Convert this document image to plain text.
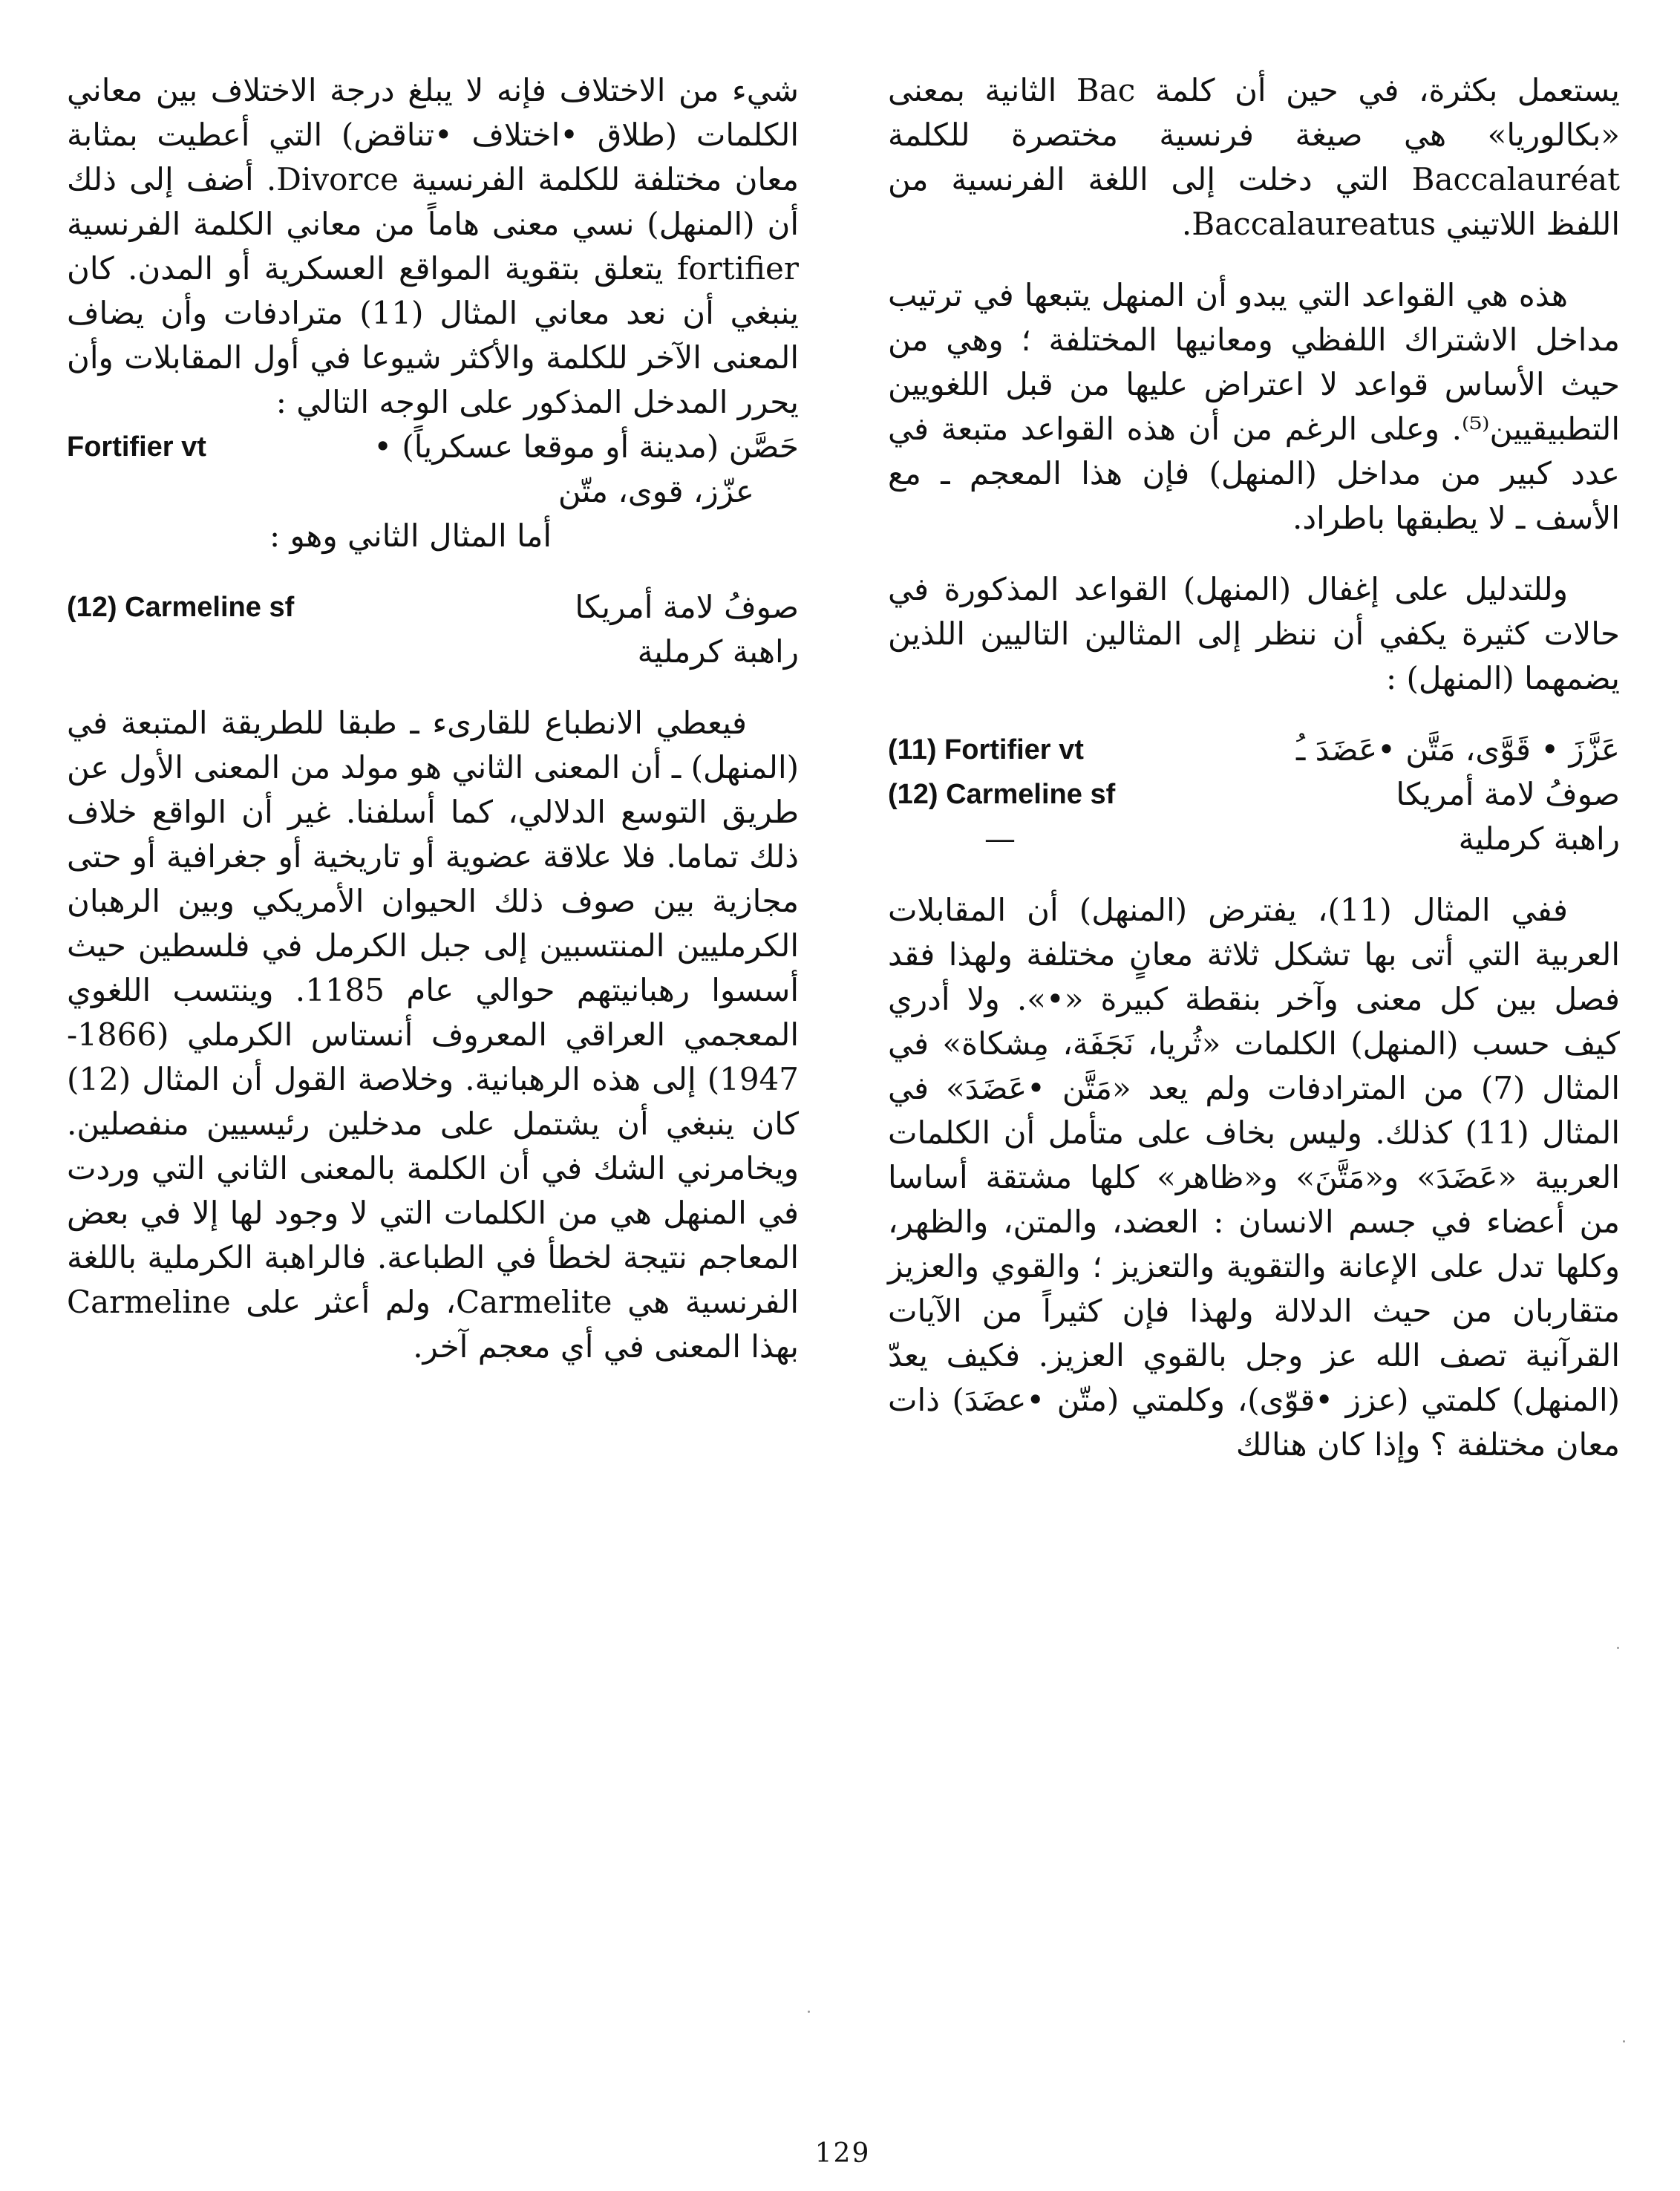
يستعمل بكثرة، في حين أن كلمة Bac الثانية بمعنى «بكالوريا» هي صيغة فرنسية مختصرة للكلمة Baccalauréat التي دخلت إلى اللغة الفرنسية من اللفظ اللاتيني Baccalaureatus.

هذه هي القواعد التي يبدو أن المنهل يتبعها في ترتيب مداخل الاشتراك اللفظي ومعانيها المختلفة ؛ وهي من حيث الأساس قواعد لا اعتراض عليها من قبل اللغويين التطبيقيين⁽⁵⁾. وعلى الرغم من أن هذه القواعد متبعة في عدد كبير من مداخل (المنهل) فإن هذا المعجم ـ مع الأسف ـ لا يطبقها باطراد.

وللتدليل على إغفال (المنهل) القواعد المذكورة في حالات كثيرة يكفي أن ننظر إلى المثالين التاليين اللذين يضمهما (المنهل) :

عَزَّزَ • قَوَّى، مَتَّن •عَضَدَ ـُ
(11) Fortifier vt
صوفُ لامة أمريكا
(12) Carmeline sf
راهبة كرملية
—

ففي المثال (11)، يفترض (المنهل) أن المقابلات العربية التي أتى بها تشكل ثلاثة معانٍ مختلفة ولهذا فقد فصل بين كل معنى وآخر بنقطة كبيرة «•». ولا أدري كيف حسب (المنهل) الكلمات «ثُريا، نَجَفَة، مِشكاة» في المثال (7) من المترادفات ولم يعد «مَتَّن •عَضَدَ» في المثال (11) كذلك. وليس بخاف على متأمل أن الكلمات العربية «عَضَدَ» و«مَتَّنَ» و«ظاهر» كلها مشتقة أساسا من أعضاء في جسم الانسان : العضد، والمتن، والظهر، وكلها تدل على الإعانة والتقوية والتعزيز ؛ والقوي والعزيز متقاربان من حيث الدلالة ولهذا فإن كثيراً من الآيات القرآنية تصف الله عز وجل بالقوي العزيز. فكيف يعدّ (المنهل) كلمتي (عزز •قوّى)، وكلمتي (متّن •عضَدَ) ذات معان مختلفة ؟ وإذا كان هنالك

شيء من الاختلاف فإنه لا يبلغ درجة الاختلاف بين معاني الكلمات (طلاق •اختلاف •تناقض) التي أعطيت بمثابة معان مختلفة للكلمة الفرنسية Divorce. أضف إلى ذلك أن (المنهل) نسي معنى هاماً من معاني الكلمة الفرنسية fortifier يتعلق بتقوية المواقع العسكرية أو المدن. كان ينبغي أن نعد معاني المثال (11) مترادفات وأن يضاف المعنى الآخر للكلمة والأكثر شيوعا في أول المقابلات وأن يحرر المدخل المذكور على الوجه التالي :

حَصَّن (مدينة أو موقعا عسكرياً) •
Fortifier vt
عزّز، قوى، متّن

أما المثال الثاني وهو :

صوفُ لامة أمريكا
(12) Carmeline sf
راهبة كرملية

فيعطي الانطباع للقارىء ـ طبقا للطريقة المتبعة في (المنهل) ـ أن المعنى الثاني هو مولد من المعنى الأول عن طريق التوسع الدلالي، كما أسلفنا. غير أن الواقع خلاف ذلك تماما. فلا علاقة عضوية أو تاريخية أو جغرافية أو حتى مجازية بين صوف ذلك الحيوان الأمريكي وبين الرهبان الكرمليين المنتسبين إلى جبل الكرمل في فلسطين حيث أسسوا رهبانيتهم حوالي عام 1185. وينتسب اللغوي المعجمي العراقي المعروف أنستاس الكرملي (1866-1947) إلى هذه الرهبانية. وخلاصة القول أن المثال (12) كان ينبغي أن يشتمل على مدخلين رئيسيين منفصلين. ويخامرني الشك في أن الكلمة بالمعنى الثاني التي وردت في المنهل هي من الكلمات التي لا وجود لها إلا في بعض المعاجم نتيجة لخطأ في الطباعة. فالراهبة الكرملية باللغة الفرنسية هي Carmelite، ولم أعثر على Carmeline بهذا المعنى في أي معجم آخر.

129
